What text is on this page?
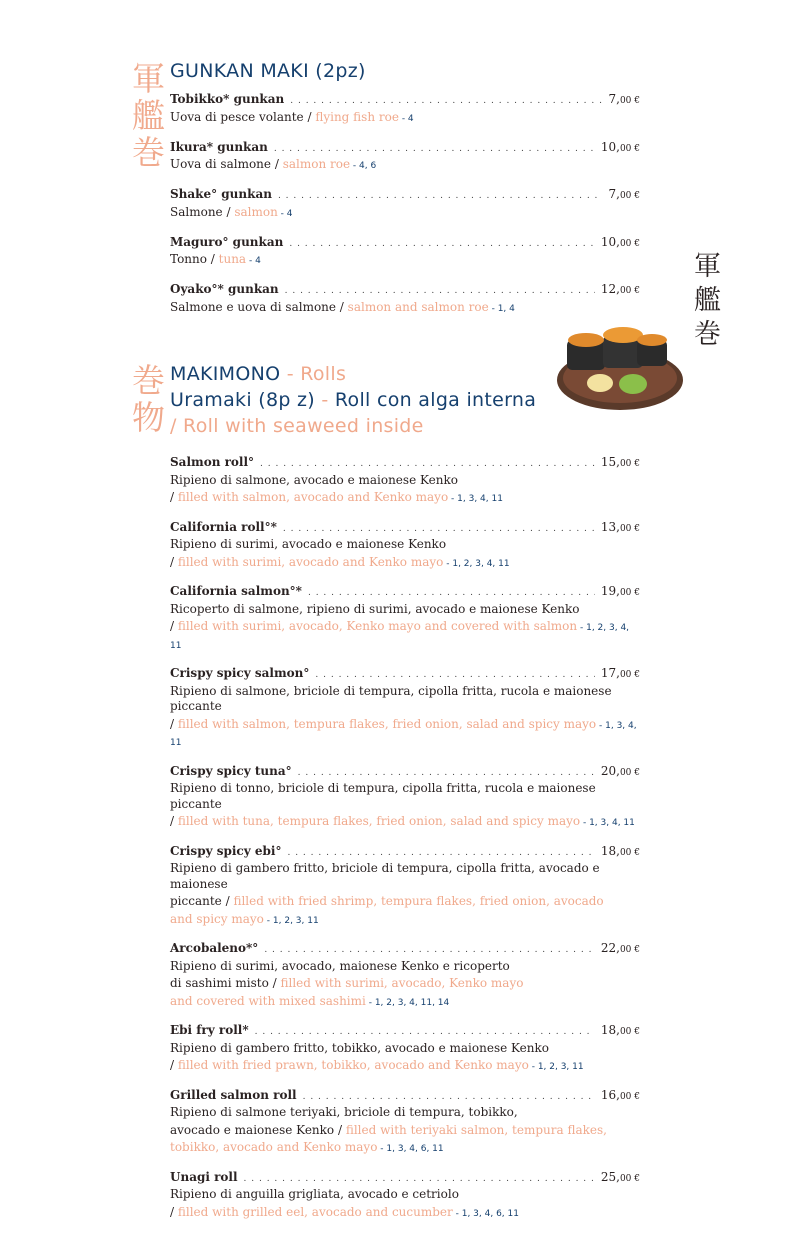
軍
艦
巻
軍
艦
巻
GUNKAN MAKI (2pz)
Tobikko* gunkan . . .	7,00 €
Uova di pesce volante / flying fish roe - 4
Ikura* gunkan . . .	10,00 €
Uova di salmone / salmon roe - 4, 6
Shake° gunkan . . .	7,00 €
Salmone / salmon - 4
Maguro° gunkan . . .	10,00 €
Tonno / tuna - 4
Oyako°* gunkan . . .	12,00 €
Salmone e uova di salmone / salmon and salmon roe - 1, 4
巻
物
MAKIMONO - Rolls
Uramaki (8p z) - Roll con alga interna
/ Roll with seaweed inside
Salmon roll° . . .	15,00 €
Ripieno di salmone, avocado e maionese Kenko
/ filled with salmon, avocado and Kenko mayo - 1, 3, 4, 11
California roll°* . . .	13,00 €
Ripieno di surimi, avocado e maionese Kenko
/ filled with surimi, avocado and Kenko mayo - 1, 2, 3, 4, 11
California salmon°* . . .	19,00 €
Ricoperto di salmone, ripieno di surimi, avocado e maionese Kenko
/ filled with surimi, avocado, Kenko mayo and covered with salmon - 1, 2, 3, 4, 11
Crispy spicy salmon° . . .	17,00 €
Ripieno di salmone, briciole di tempura, cipolla fritta, rucola e maionese piccante
/ filled with salmon, tempura flakes, fried onion, salad and spicy mayo - 1, 3, 4, 11
Crispy spicy tuna° . . .	20,00 €
Ripieno di tonno, briciole di tempura, cipolla fritta, rucola e maionese piccante
/ filled with tuna, tempura flakes, fried onion, salad and spicy mayo - 1, 3, 4, 11
Crispy spicy ebi° . . .	18,00 €
Ripieno di gambero fritto, briciole di tempura, cipolla fritta, avocado e maionese
piccante / filled with fried shrimp, tempura flakes, fried onion, avocado
and spicy mayo - 1, 2, 3, 11
Arcobaleno*° . . .	22,00 €
Ripieno di surimi, avocado, maionese Kenko e ricoperto
di sashimi misto / filled with surimi, avocado, Kenko mayo
and covered with mixed sashimi - 1, 2, 3, 4, 11, 14
Ebi fry roll* . . .	18,00 €
Ripieno di gambero fritto, tobikko, avocado e maionese Kenko
/ filled with fried prawn, tobikko, avocado and Kenko mayo - 1, 2, 3, 11
Grilled salmon roll . . .	16,00 €
Ripieno di salmone teriyaki, briciole di tempura, tobikko,
avocado e maionese Kenko / filled with teriyaki salmon, tempura flakes,
tobikko, avocado and Kenko mayo - 1, 3, 4, 6, 11
Unagi roll . . .	25,00 €
Ripieno di anguilla grigliata, avocado e cetriolo
/ filled with grilled eel, avocado and cucumber - 1, 3, 4, 6, 11
